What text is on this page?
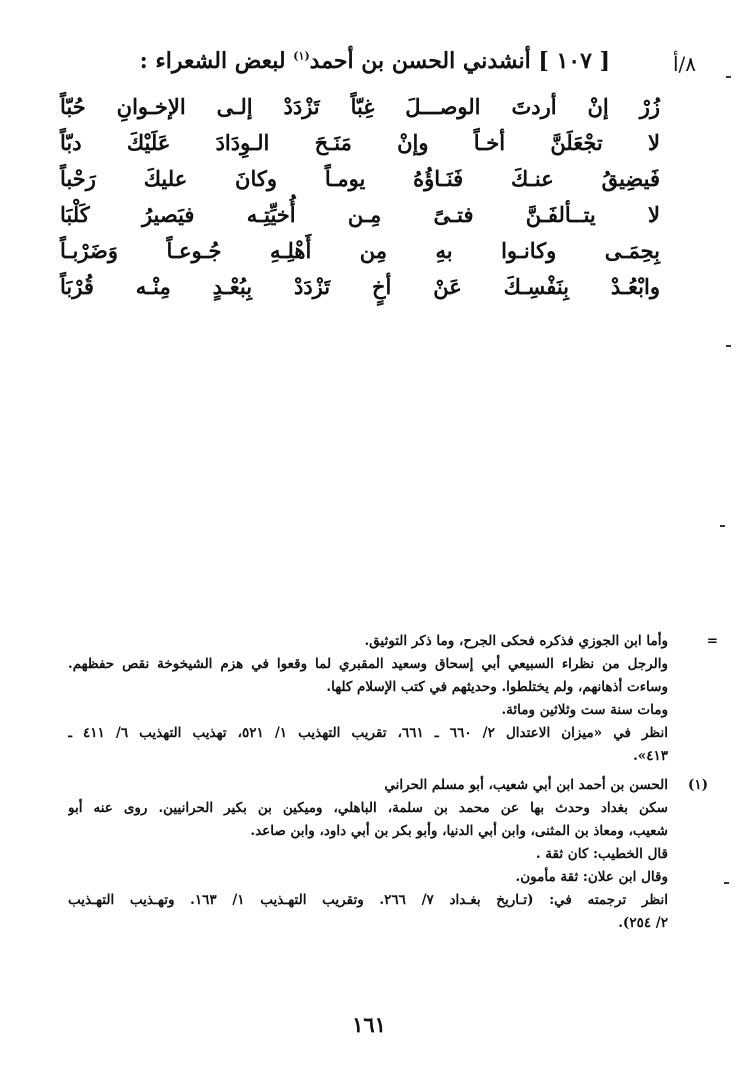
٨/أ
[ ١٠٧ ] أنشدني الحسن بن أحمد$^{(١)}$ لبعض الشعراء :
زُرْ
إنْ
أردتَ
الوصـــلَ
غِبّاً
تَزْدَدْ
إلـى
الإخـوانِ
حُبّاً
لا
تجْعَلَنَّ
أخـاً
وإنْ
مَنَـحَ
الـوِدَادَ
عَلَيْكَ
دبّاً
فَيضِيقُ
عنـكَ
فَنَـاؤُهُ
يومـاً
وكانَ
عليكَ
رَحْباً
لا
يتــألفَـنَّ
فتـىً
مِـن
أُخيِّتِـه
فيَصيرُ
كَلْبَا
بِحِمَـى
وكانـوا
بهِ
مِن
أَهْلِـهِ
جُـوعـاً
وَضَرْبـاً
وابْعُـدْ
بِنَفْسِـكَ
عَنْ
أخٍ
تَزْدَدْ
بِبُعْـدٍ
مِنْـه
قُرْبَاً
=
وأما ابن الجوزي فذكره فحكى الجرح، وما ذكر التوثيق.
والرجل من نظراء السبيعي أبي إسحاق وسعيد المقبري لما وقعوا في هزم الشيخوخة نقص حفظهم.
وساءت أذهانهم، ولم يختلطوا. وحديثهم في كتب الإسلام كلها.
ومات سنة ست وثلاثين ومائة.
انظر في «ميزان الاعتدال ٢/ ٦٦٠ ـ ٦٦١، تقريب التهذيب ١/ ٥٢١، تهذيب التهذيب ٦/ ٤١١ ـ
٤١٣».
(١)
الحسن بن أحمد ابن أبي شعيب، أبو مسلم الحراني
سكن بغداد وحدث بها عن محمد بن سلمة، الباهلي، وميكين بن بكير الحرانيين. روى عنه أبو
شعيب، ومعاذ بن المثنى، وابن أبي الدنيا، وأبو بكر بن أبي داود، وابن صاعد.
قال الخطيب: كان ثقة .
وقال ابن علان: ثقة مأمون.
انظر ترجمته في: (تـاريخ بغـداد ٧/ ٢٦٦. وتقريب التهـذيب ١/ ١٦٣. وتهـذيب التهـذيب
٢/ ٢٥٤).
١٦١
